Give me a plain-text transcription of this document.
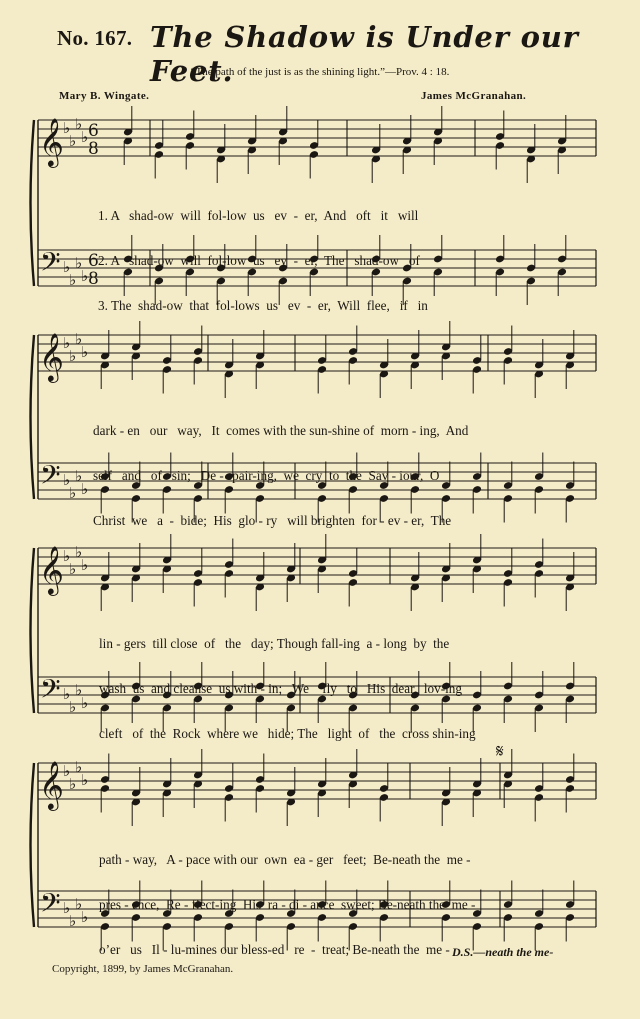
No. 167. The Shadow is Under our Feet.
“The path of the just is as the shining light.”—Prov. 4 : 18.
Mary B. Wingate.	James McGranahan.
𝄞 ♭
♭
♭
♭ 6
8
𝄢 ♭
♭
♭
♭
6
8
𝄞 ♭
♭
♭
♭
𝄢 ♭
♭
♭
♭
𝄞 ♭
♭
♭
♭
𝄢 ♭
♭
♭
♭
𝄞 ♭
♭
♭
♭
𝄢 ♭
♭
♭
♭
𝄋

1. A   shad-ow  will  fol-low  us   ev  -  er,  And   oft   it   will

2. A   shad-ow  will  fol-low  us   ev  -  er,  The   shad-ow   of

3. The  shad-ow  that  fol-lows  us   ev  -  er,  Will  flee,   if   in

dark - en   our   way,   It  comes with the sun-shine of  morn - ing,  And

self   and   of   sin;   De - spair-ing,  we  cry  to  the  Sav - iour,  O

Christ  we   a  -  bide;  His  glo - ry   will brighten  for - ev - er,  The

lin - gers  till close  of   the   day; Though fall-ing  a - long  by  the

wash  us  and cleanse  us with - in;   We    fly   to   His  dear,  lov-ing

cleft   of  the  Rock  where we   hide; The   light  of   the  cross shin-ing

path - way,   A - pace with our  own  ea - ger   feet;  Be-neath the  me -

pres - ence,  Re - flect-ing  His  ra - di - ance  sweet; Be-neath the  me -

o’er   us   Il - lu-mines our bless-ed   re  -  treat; Be-neath the  me - D.S.—neath the me-
Copyright, 1899, by James McGranahan.
